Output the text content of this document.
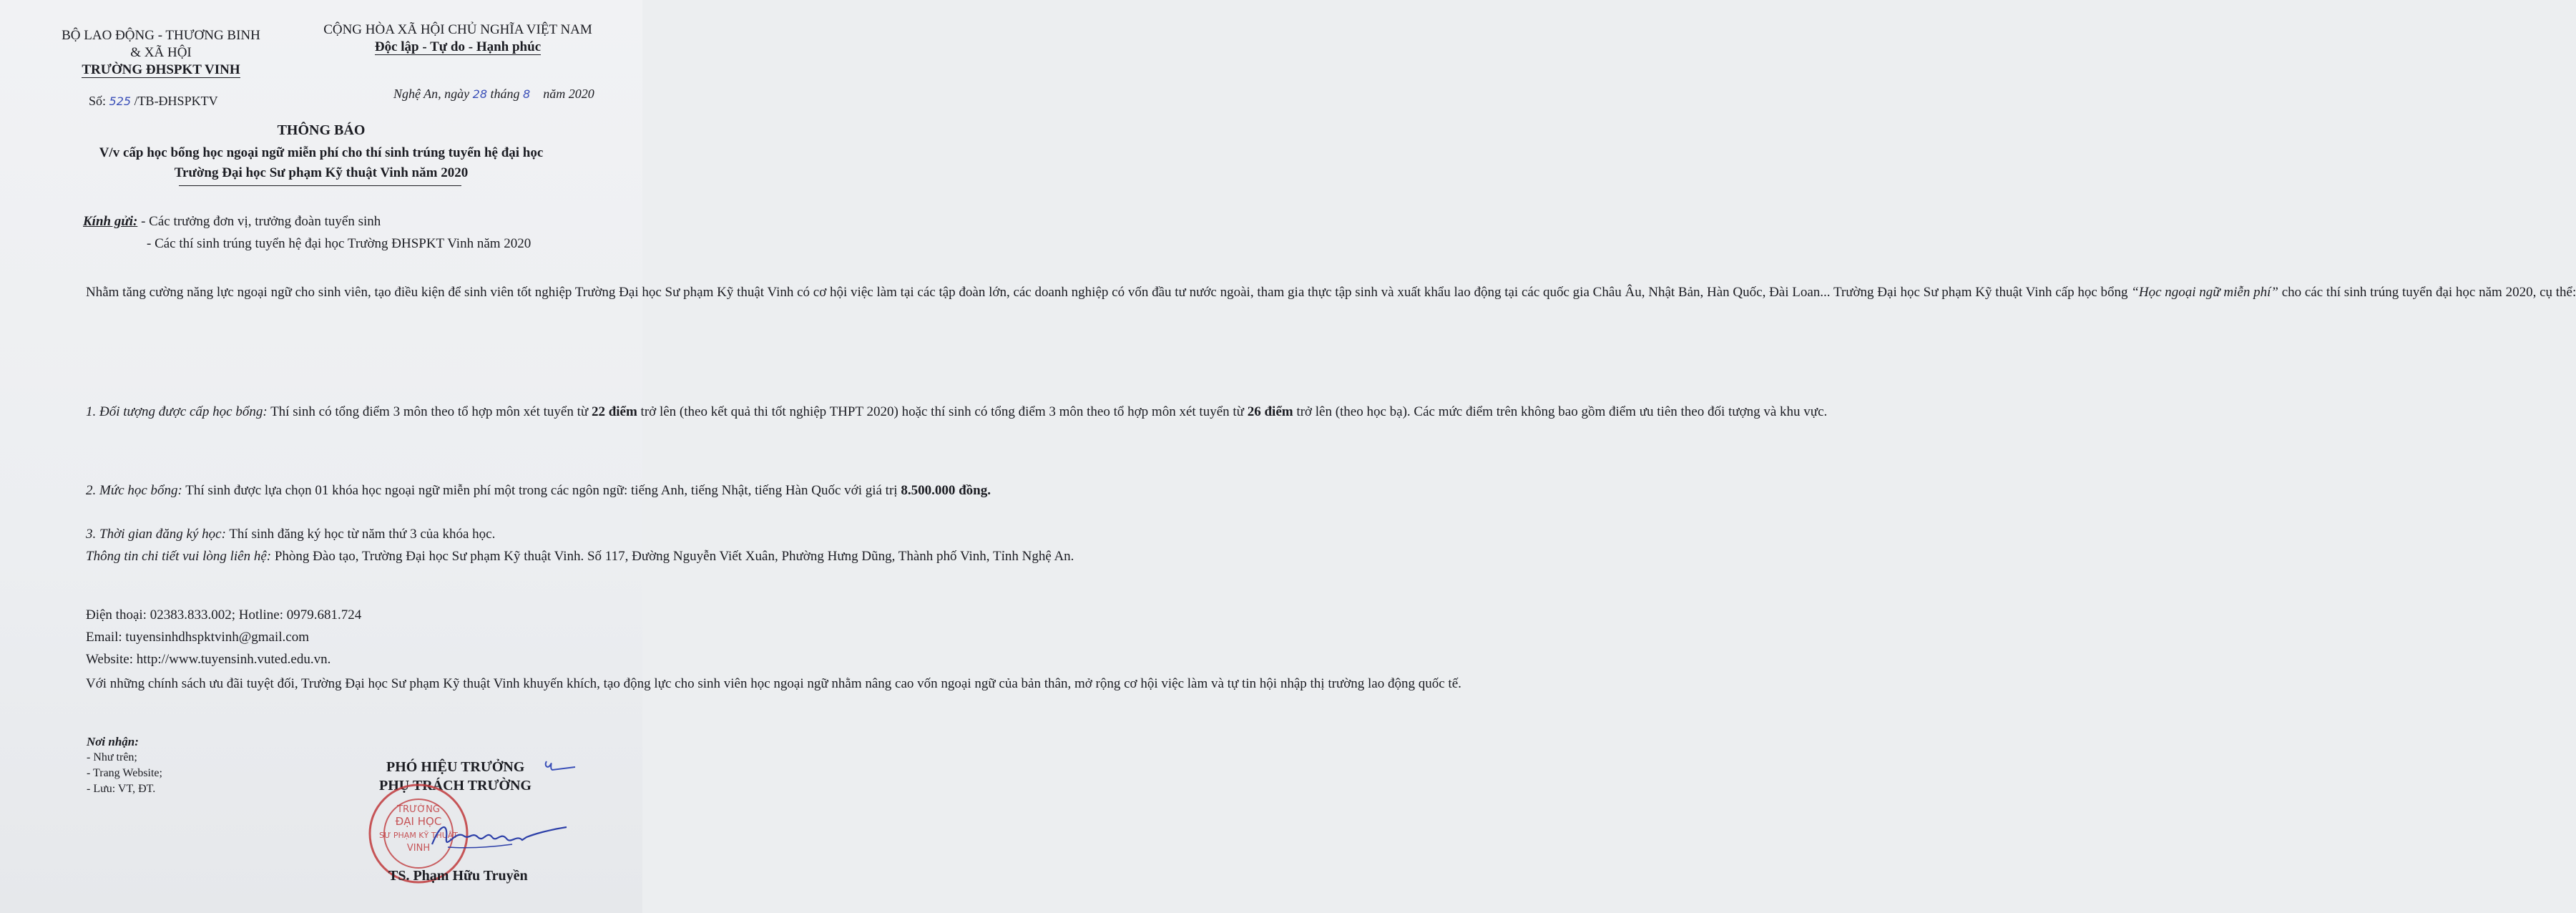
BỘ LAO ĐỘNG - THƯƠNG BINH
& XÃ HỘI
TRƯỜNG ĐHSPKT VINH
CỘNG HÒA XÃ HỘI CHỦ NGHĨA VIỆT NAM
Độc lập - Tự do - Hạnh phúc
Số: 525 /TB-ĐHSPKTV	Nghệ An, ngày 28 tháng 8 năm 2020
THÔNG BÁO
V/v cấp học bổng học ngoại ngữ miễn phí cho thí sinh trúng tuyển hệ đại học
Trường Đại học Sư phạm Kỹ thuật Vinh năm 2020
Kính gửi: - Các trưởng đơn vị, trưởng đoàn tuyển sinh
- Các thí sinh trúng tuyển hệ đại học Trường ĐHSPKT Vinh năm 2020
Nhằm tăng cường năng lực ngoại ngữ cho sinh viên, tạo điều kiện để sinh viên tốt nghiệp Trường Đại học Sư phạm Kỹ thuật Vinh có cơ hội việc làm tại các tập đoàn lớn, các doanh nghiệp có vốn đầu tư nước ngoài, tham gia thực tập sinh và xuất khẩu lao động tại các quốc gia Châu Âu, Nhật Bản, Hàn Quốc, Đài Loan... Trường Đại học Sư phạm Kỹ thuật Vinh cấp học bổng “Học ngoại ngữ miễn phí” cho các thí sinh trúng tuyển đại học năm 2020, cụ thể:
1. Đối tượng được cấp học bổng: Thí sinh có tổng điểm 3 môn theo tổ hợp môn xét tuyển từ 22 điểm trở lên (theo kết quả thi tốt nghiệp THPT 2020) hoặc thí sinh có tổng điểm 3 môn theo tổ hợp môn xét tuyển từ 26 điểm trở lên (theo học bạ). Các mức điểm trên không bao gồm điểm ưu tiên theo đối tượng và khu vực.
2. Mức học bổng: Thí sinh được lựa chọn 01 khóa học ngoại ngữ miễn phí một trong các ngôn ngữ: tiếng Anh, tiếng Nhật, tiếng Hàn Quốc với giá trị 8.500.000 đồng.
3. Thời gian đăng ký học: Thí sinh đăng ký học từ năm thứ 3 của khóa học.
Thông tin chi tiết vui lòng liên hệ: Phòng Đào tạo, Trường Đại học Sư phạm Kỹ thuật Vinh. Số 117, Đường Nguyễn Viết Xuân, Phường Hưng Dũng, Thành phố Vinh, Tỉnh Nghệ An.
Điện thoại: 02383.833.002; Hotline: 0979.681.724
Email: tuyensinhdhspktvinh@gmail.com
Website: http://www.tuyensinh.vuted.edu.vn.
Với những chính sách ưu đãi tuyệt đối, Trường Đại học Sư phạm Kỹ thuật Vinh khuyến khích, tạo động lực cho sinh viên học ngoại ngữ nhằm nâng cao vốn ngoại ngữ của bản thân, mở rộng cơ hội việc làm và tự tin hội nhập thị trường lao động quốc tế.
Nơi nhận:
- Như trên;
- Trang Website;
- Lưu: VT, ĐT.
PHÓ HIỆU TRƯỞNG
PHỤ TRÁCH TRƯỜNG
TRƯỜNG
ĐẠI HỌC
SƯ PHẠM KỸ THUẬT
VINH
TS. Phạm Hữu Truyền
